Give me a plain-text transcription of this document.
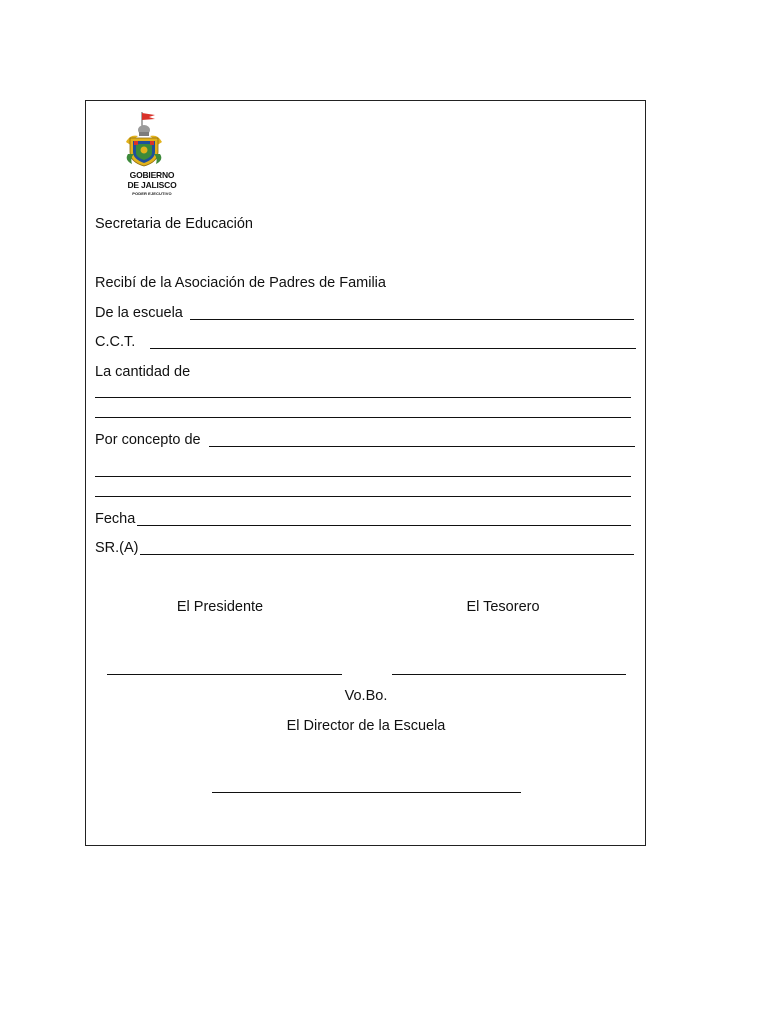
GOBIERNO
DE JALISCO
PODER EJECUTIVO
Secretaria de Educación
Recibí de la Asociación de Padres de Familia
De la escuela
C.C.T.
La cantidad de
Por concepto de
Fecha
SR.(A)
El Presidente	El Tesorero
Vo.Bo.
El Director de la Escuela
